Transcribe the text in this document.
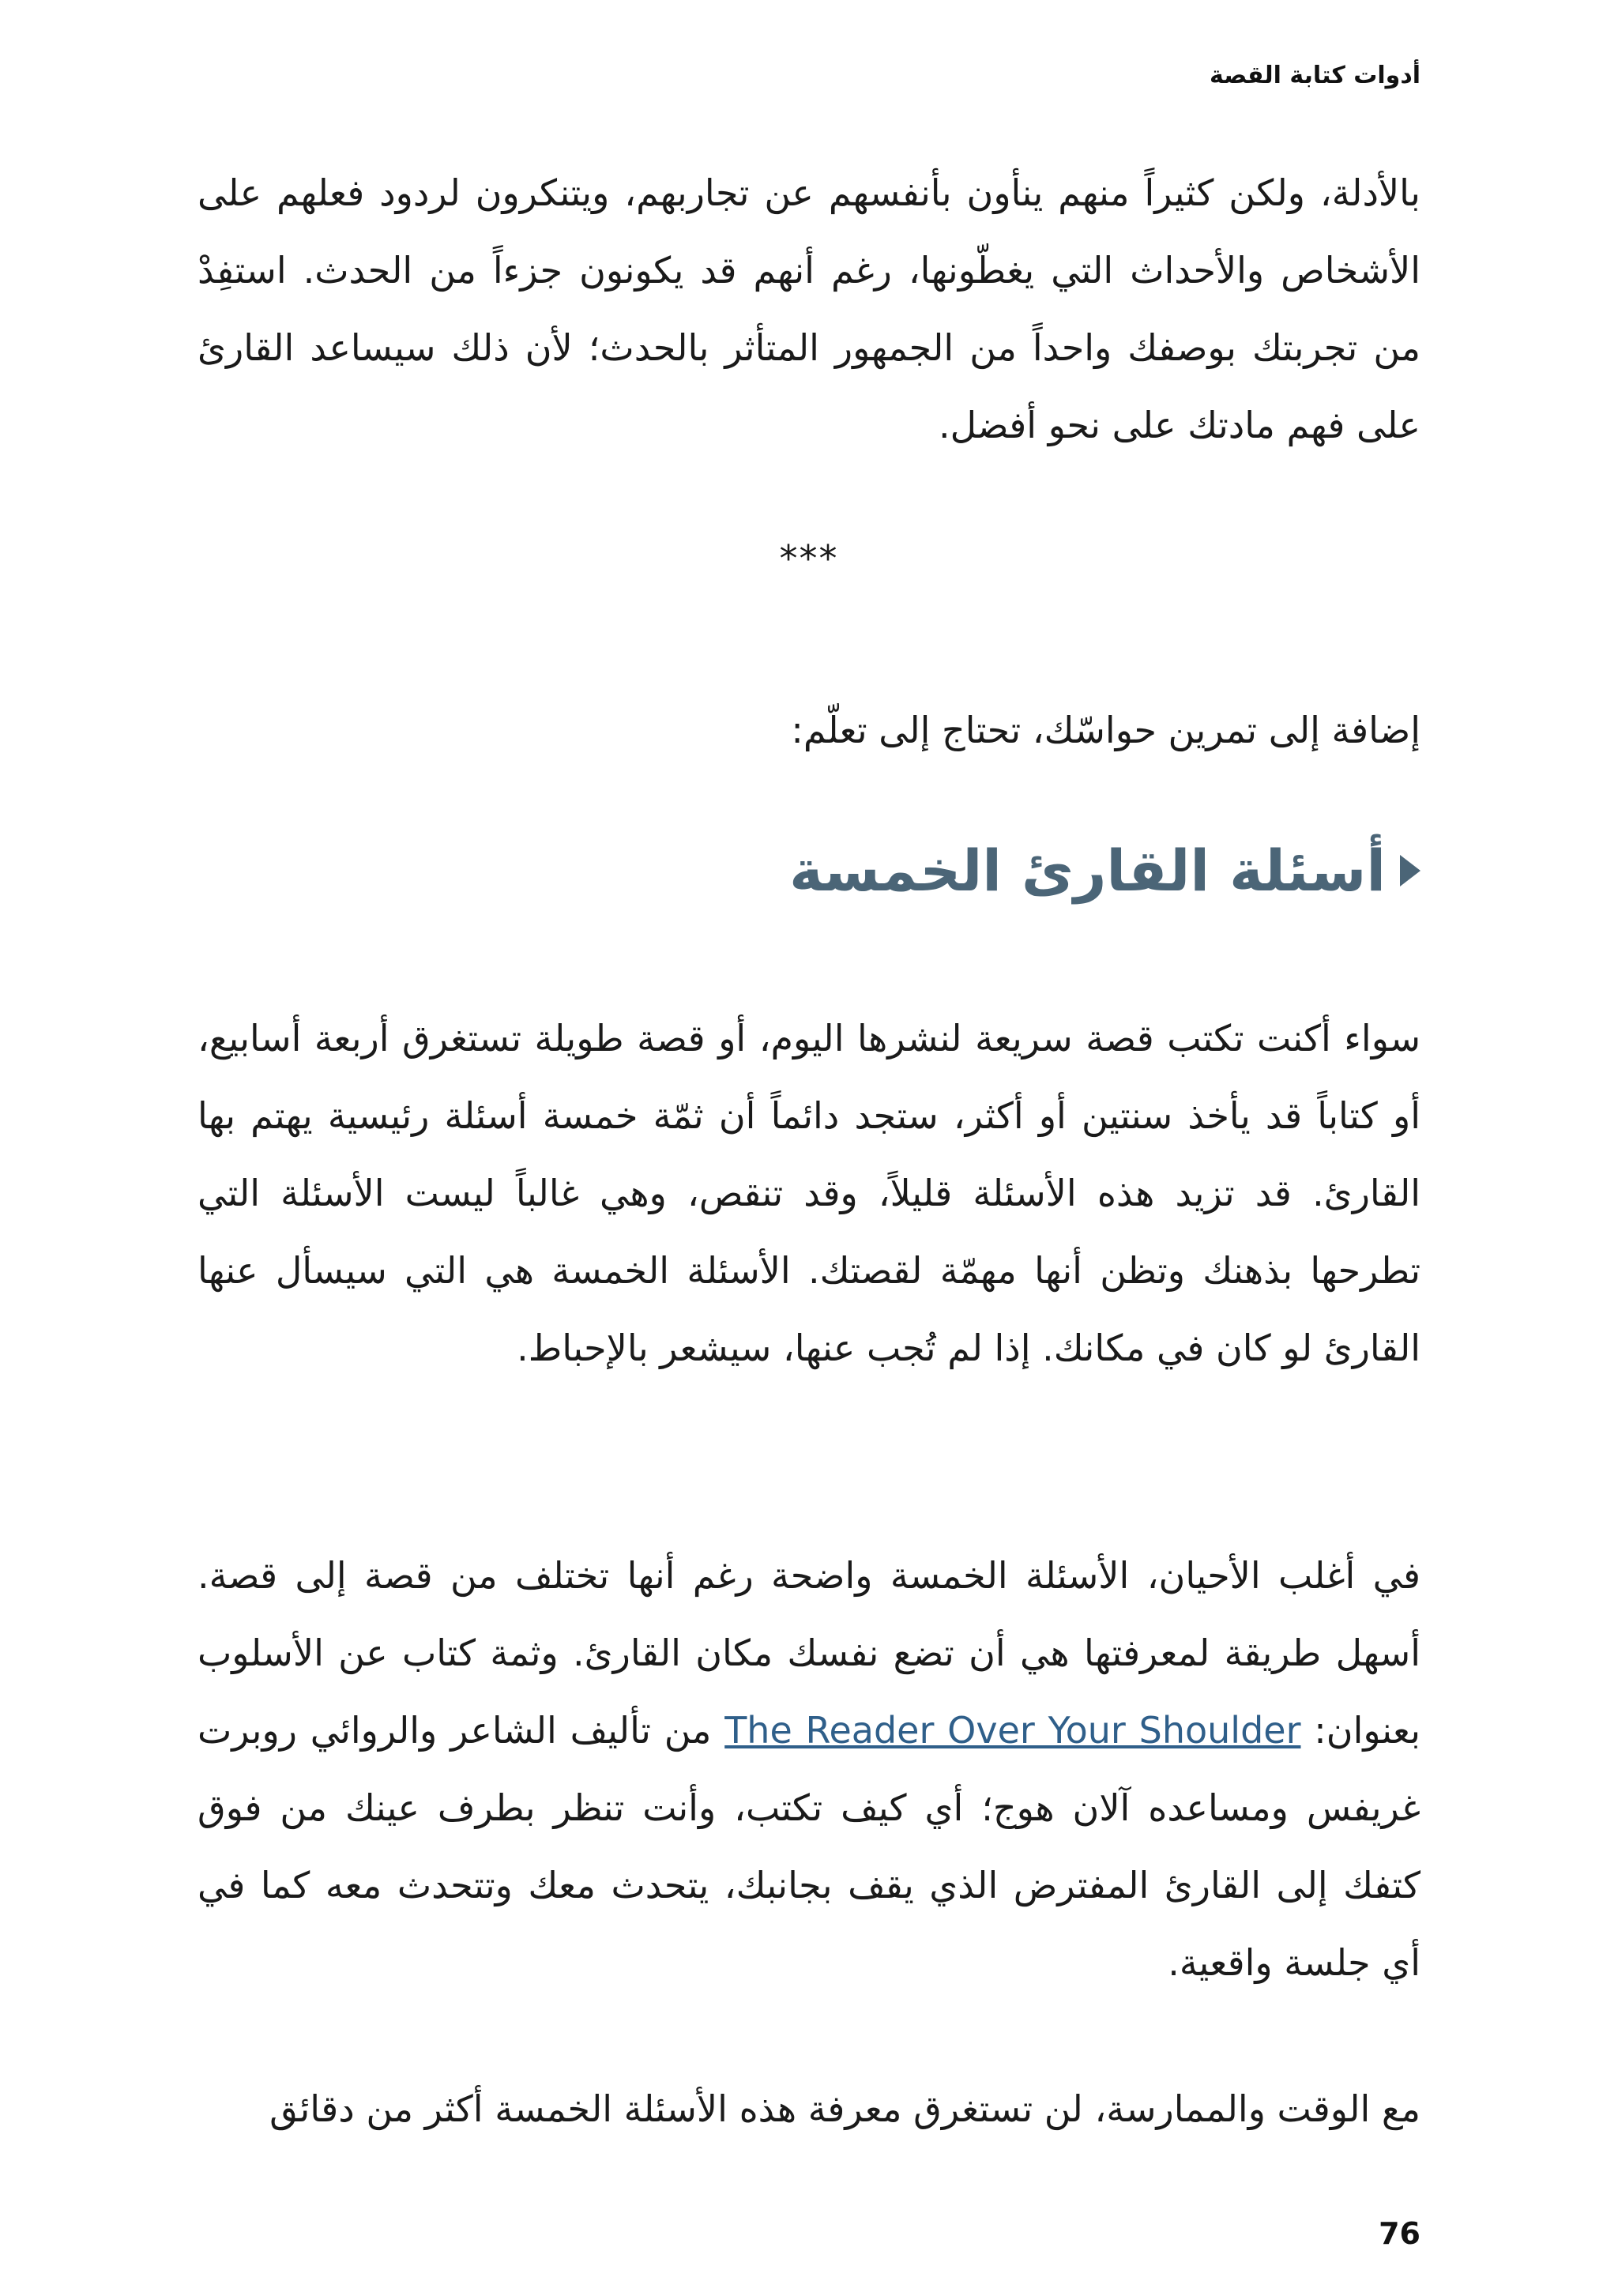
أدوات كتابة القصة

بالأدلة، ولكن كثيراً منهم ينأون بأنفسهم عن تجاربهم، ويتنكرون لردود فعلهم على الأشخاص والأحداث التي يغطّونها، رغم أنهم قد يكونون جزءاً من الحدث. استفِدْ من تجربتك بوصفك واحداً من الجمهور المتأثر بالحدث؛ لأن ذلك سيساعد القارئ على فهم مادتك على نحو أفضل.

***

إضافة إلى تمرين حواسّك، تحتاج إلى تعلّم:

أسئلة القارئ الخمسة

سواء أكنت تكتب قصة سريعة لنشرها اليوم، أو قصة طويلة تستغرق أربعة أسابيع، أو كتاباً قد يأخذ سنتين أو أكثر، ستجد دائماً أن ثمّة خمسة أسئلة رئيسية يهتم بها القارئ. قد تزيد هذه الأسئلة قليلاً، وقد تنقص، وهي غالباً ليست الأسئلة التي تطرحها بذهنك وتظن أنها مهمّة لقصتك. الأسئلة الخمسة هي التي سيسأل عنها القارئ لو كان في مكانك. إذا لم تُجب عنها، سيشعر بالإحباط.

في أغلب الأحيان، الأسئلة الخمسة واضحة رغم أنها تختلف من قصة إلى قصة. أسهل طريقة لمعرفتها هي أن تضع نفسك مكان القارئ. وثمة كتاب عن الأسلوب بعنوان: The Reader Over Your Shoulder من تأليف الشاعر والروائي روبرت غريفس ومساعده آلان هوج؛ أي كيف تكتب، وأنت تنظر بطرف عينك من فوق كتفك إلى القارئ المفترض الذي يقف بجانبك، يتحدث معك وتتحدث معه كما في أي جلسة واقعية.

مع الوقت والممارسة، لن تستغرق معرفة هذه الأسئلة الخمسة أكثر من دقائق

76
